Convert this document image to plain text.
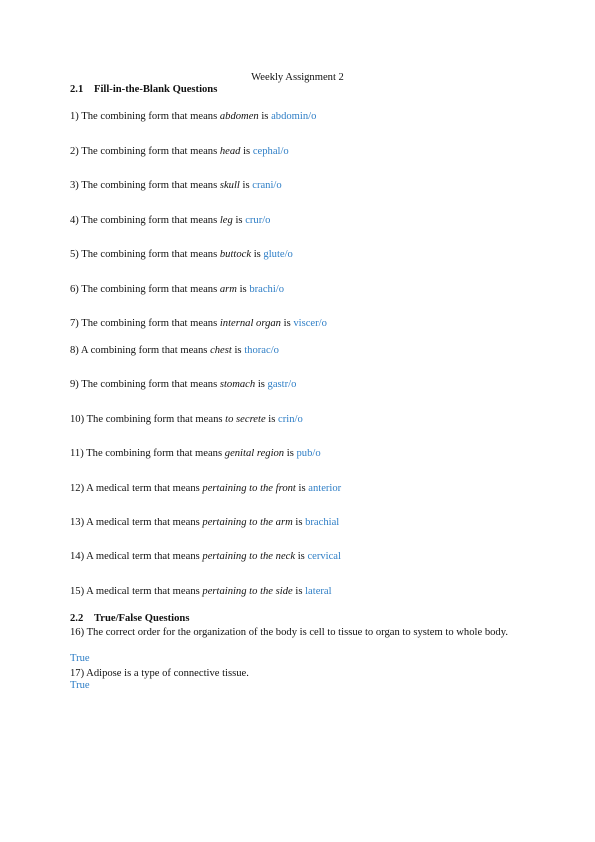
Weekly Assignment 2
2.1 Fill-in-the-Blank Questions
1) The combining form that means abdomen is abdomin/o
2) The combining form that means head is cephal/o
3) The combining form that means skull is crani/o
4) The combining form that means leg is crur/o
5) The combining form that means buttock is glute/o
6) The combining form that means arm is brachi/o
7) The combining form that means internal organ is viscer/o
8) A combining form that means chest is thorac/o
9) The combining form that means stomach is gastr/o
10) The combining form that means to secrete is crin/o
11) The combining form that means genital region is pub/o
12) A medical term that means pertaining to the front is anterior
13) A medical term that means pertaining to the arm is brachial
14) A medical term that means pertaining to the neck is cervical
15) A medical term that means pertaining to the side is lateral
2.2 True/False Questions
16) The correct order for the organization of the body is cell to tissue to organ to system to whole body.
True
17) Adipose is a type of connective tissue.
True
